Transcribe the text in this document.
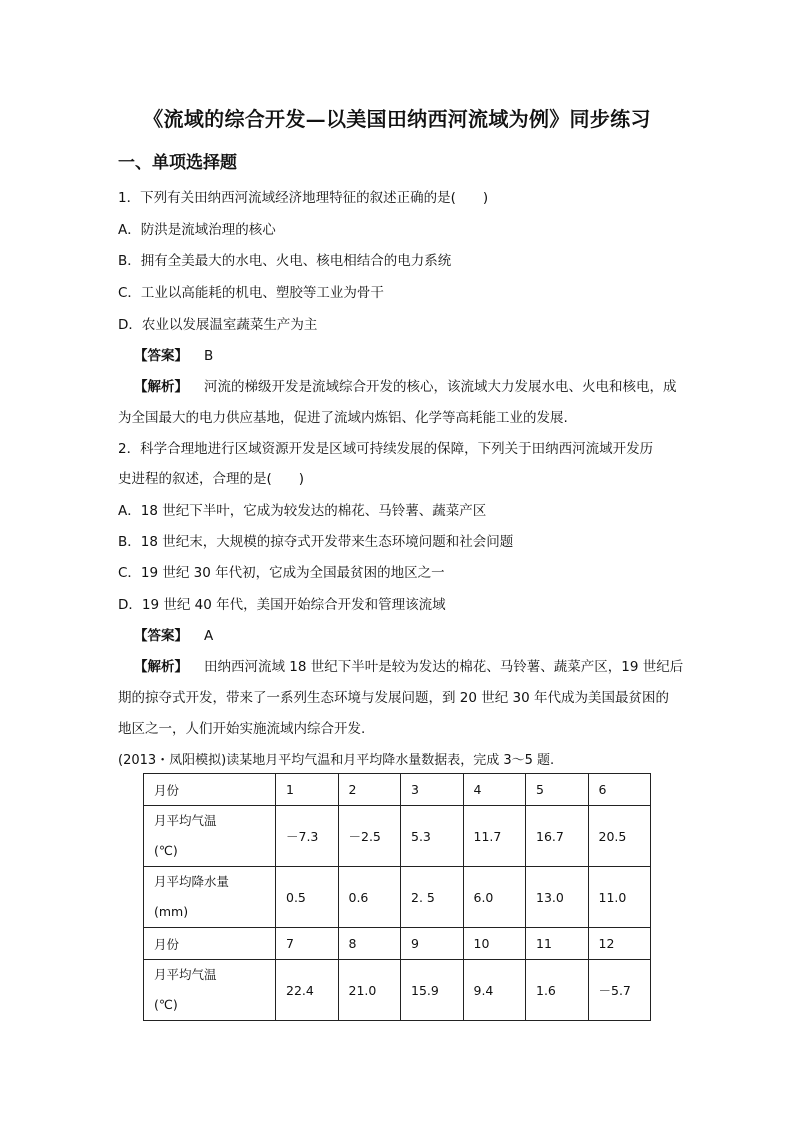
《流域的综合开发—以美国田纳西河流域为例》同步练习
一、单项选择题
1．下列有关田纳西河流域经济地理特征的叙述正确的是(　　)
A．防洪是流域治理的核心
B．拥有全美最大的水电、火电、核电相结合的电力系统
C．工业以高能耗的机电、塑胶等工业为骨干
D．农业以发展温室蔬菜生产为主
【答案】 B
【解析】 河流的梯级开发是流域综合开发的核心，该流域大力发展水电、火电和核电，成
为全国最大的电力供应基地，促进了流域内炼铝、化学等高耗能工业的发展.
2．科学合理地进行区域资源开发是区域可持续发展的保障，下列关于田纳西河流域开发历
史进程的叙述，合理的是(　　)
A．18 世纪下半叶，它成为较发达的棉花、马铃薯、蔬菜产区
B．18 世纪末，大规模的掠夺式开发带来生态环境问题和社会问题
C．19 世纪 30 年代初，它成为全国最贫困的地区之一
D．19 世纪 40 年代，美国开始综合开发和管理该流域
【答案】 A
【解析】 田纳西河流域 18 世纪下半叶是较为发达的棉花、马铃薯、蔬菜产区，19 世纪后
期的掠夺式开发，带来了一系列生态环境与发展问题，到 20 世纪 30 年代成为美国最贫困的
地区之一，人们开始实施流域内综合开发.
(2013・凤阳模拟)读某地月平均气温和月平均降水量数据表，完成 3～5 题.
月份	1	2	3	4	5	6

月平均气温
(℃)	－7.3	－2.5	5.3	11.7	16.7	20.5

月平均降水量
(mm)	0.5	0.6	2. 5	6.0	13.0	11.0
月份	7	8	9	10	11	12

月平均气温
(℃)	22.4	21.0	15.9	9.4	1.6	－5.7
